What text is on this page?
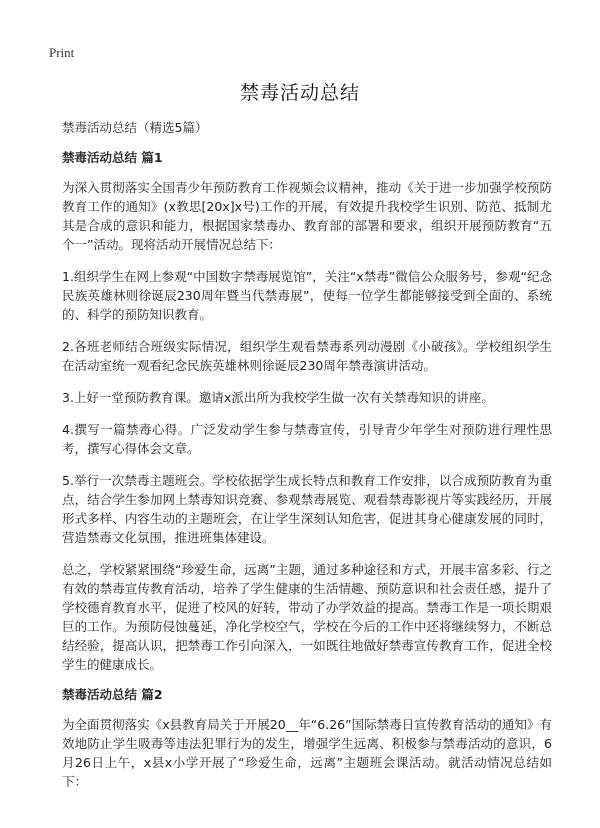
Print
禁毒活动总结

禁毒活动总结（精选5篇）

禁毒活动总结 篇1

为深入贯彻落实全国青少年预防教育工作视频会议精神，推动《关于进一步加强学校预防教育工作的通知》(x教思[20x]x号)工作的开展，有效提升我校学生识别、防范、抵制尤其是合成的意识和能力，根据国家禁毒办、教育部的部署和要求，组织开展预防教育“五个一”活动。现将活动开展情况总结下：

1.组织学生在网上参观“中国数字禁毒展览馆”，关注“x禁毒”微信公众服务号，参观“纪念民族英雄林则徐诞辰230周年暨当代禁毒展”，使每一位学生都能够接受到全面的、系统的、科学的预防知识教育。

2.各班老师结合班级实际情况，组织学生观看禁毒系列动漫剧《小破孩》。学校组织学生在活动室统一观看纪念民族英雄林则徐诞辰230周年禁毒演讲活动。

3.上好一堂预防教育课。邀请x派出所为我校学生做一次有关禁毒知识的讲座。

4.撰写一篇禁毒心得。广泛发动学生参与禁毒宣传，引导青少年学生对预防进行理性思考，撰写心得体会文章。

5.举行一次禁毒主题班会。学校依据学生成长特点和教育工作安排，以合成预防教育为重点，结合学生参加网上禁毒知识竞赛、参观禁毒展览、观看禁毒影视片等实践经历，开展形式多样、内容生动的主题班会，在让学生深刻认知危害，促进其身心健康发展的同时，营造禁毒文化氛围，推进班集体建设。

总之，学校紧紧围绕“珍爱生命，远离”主题，通过多种途径和方式，开展丰富多彩、行之有效的禁毒宣传教育活动，培养了学生健康的生活情趣、预防意识和社会责任感，提升了学校德育教育水平，促进了校风的好转，带动了办学效益的提高。禁毒工作是一项长期艰巨的工作。为预防侵蚀蔓延，净化学校空气，学校在今后的工作中还将继续努力，不断总结经验，提高认识，把禁毒工作引向深入，一如既往地做好禁毒宣传教育工作，促进全校学生的健康成长。

禁毒活动总结 篇2

为全面贯彻落实《x县教育局关于开展20__年“6.26”国际禁毒日宣传教育活动的通知》有效地防止学生吸毒等违法犯罪行为的发生，增强学生远离、积极参与禁毒活动的意识，6月26日上午，x县x小学开展了“珍爱生命，远离”主题班会课活动。就活动情况总结如下：
